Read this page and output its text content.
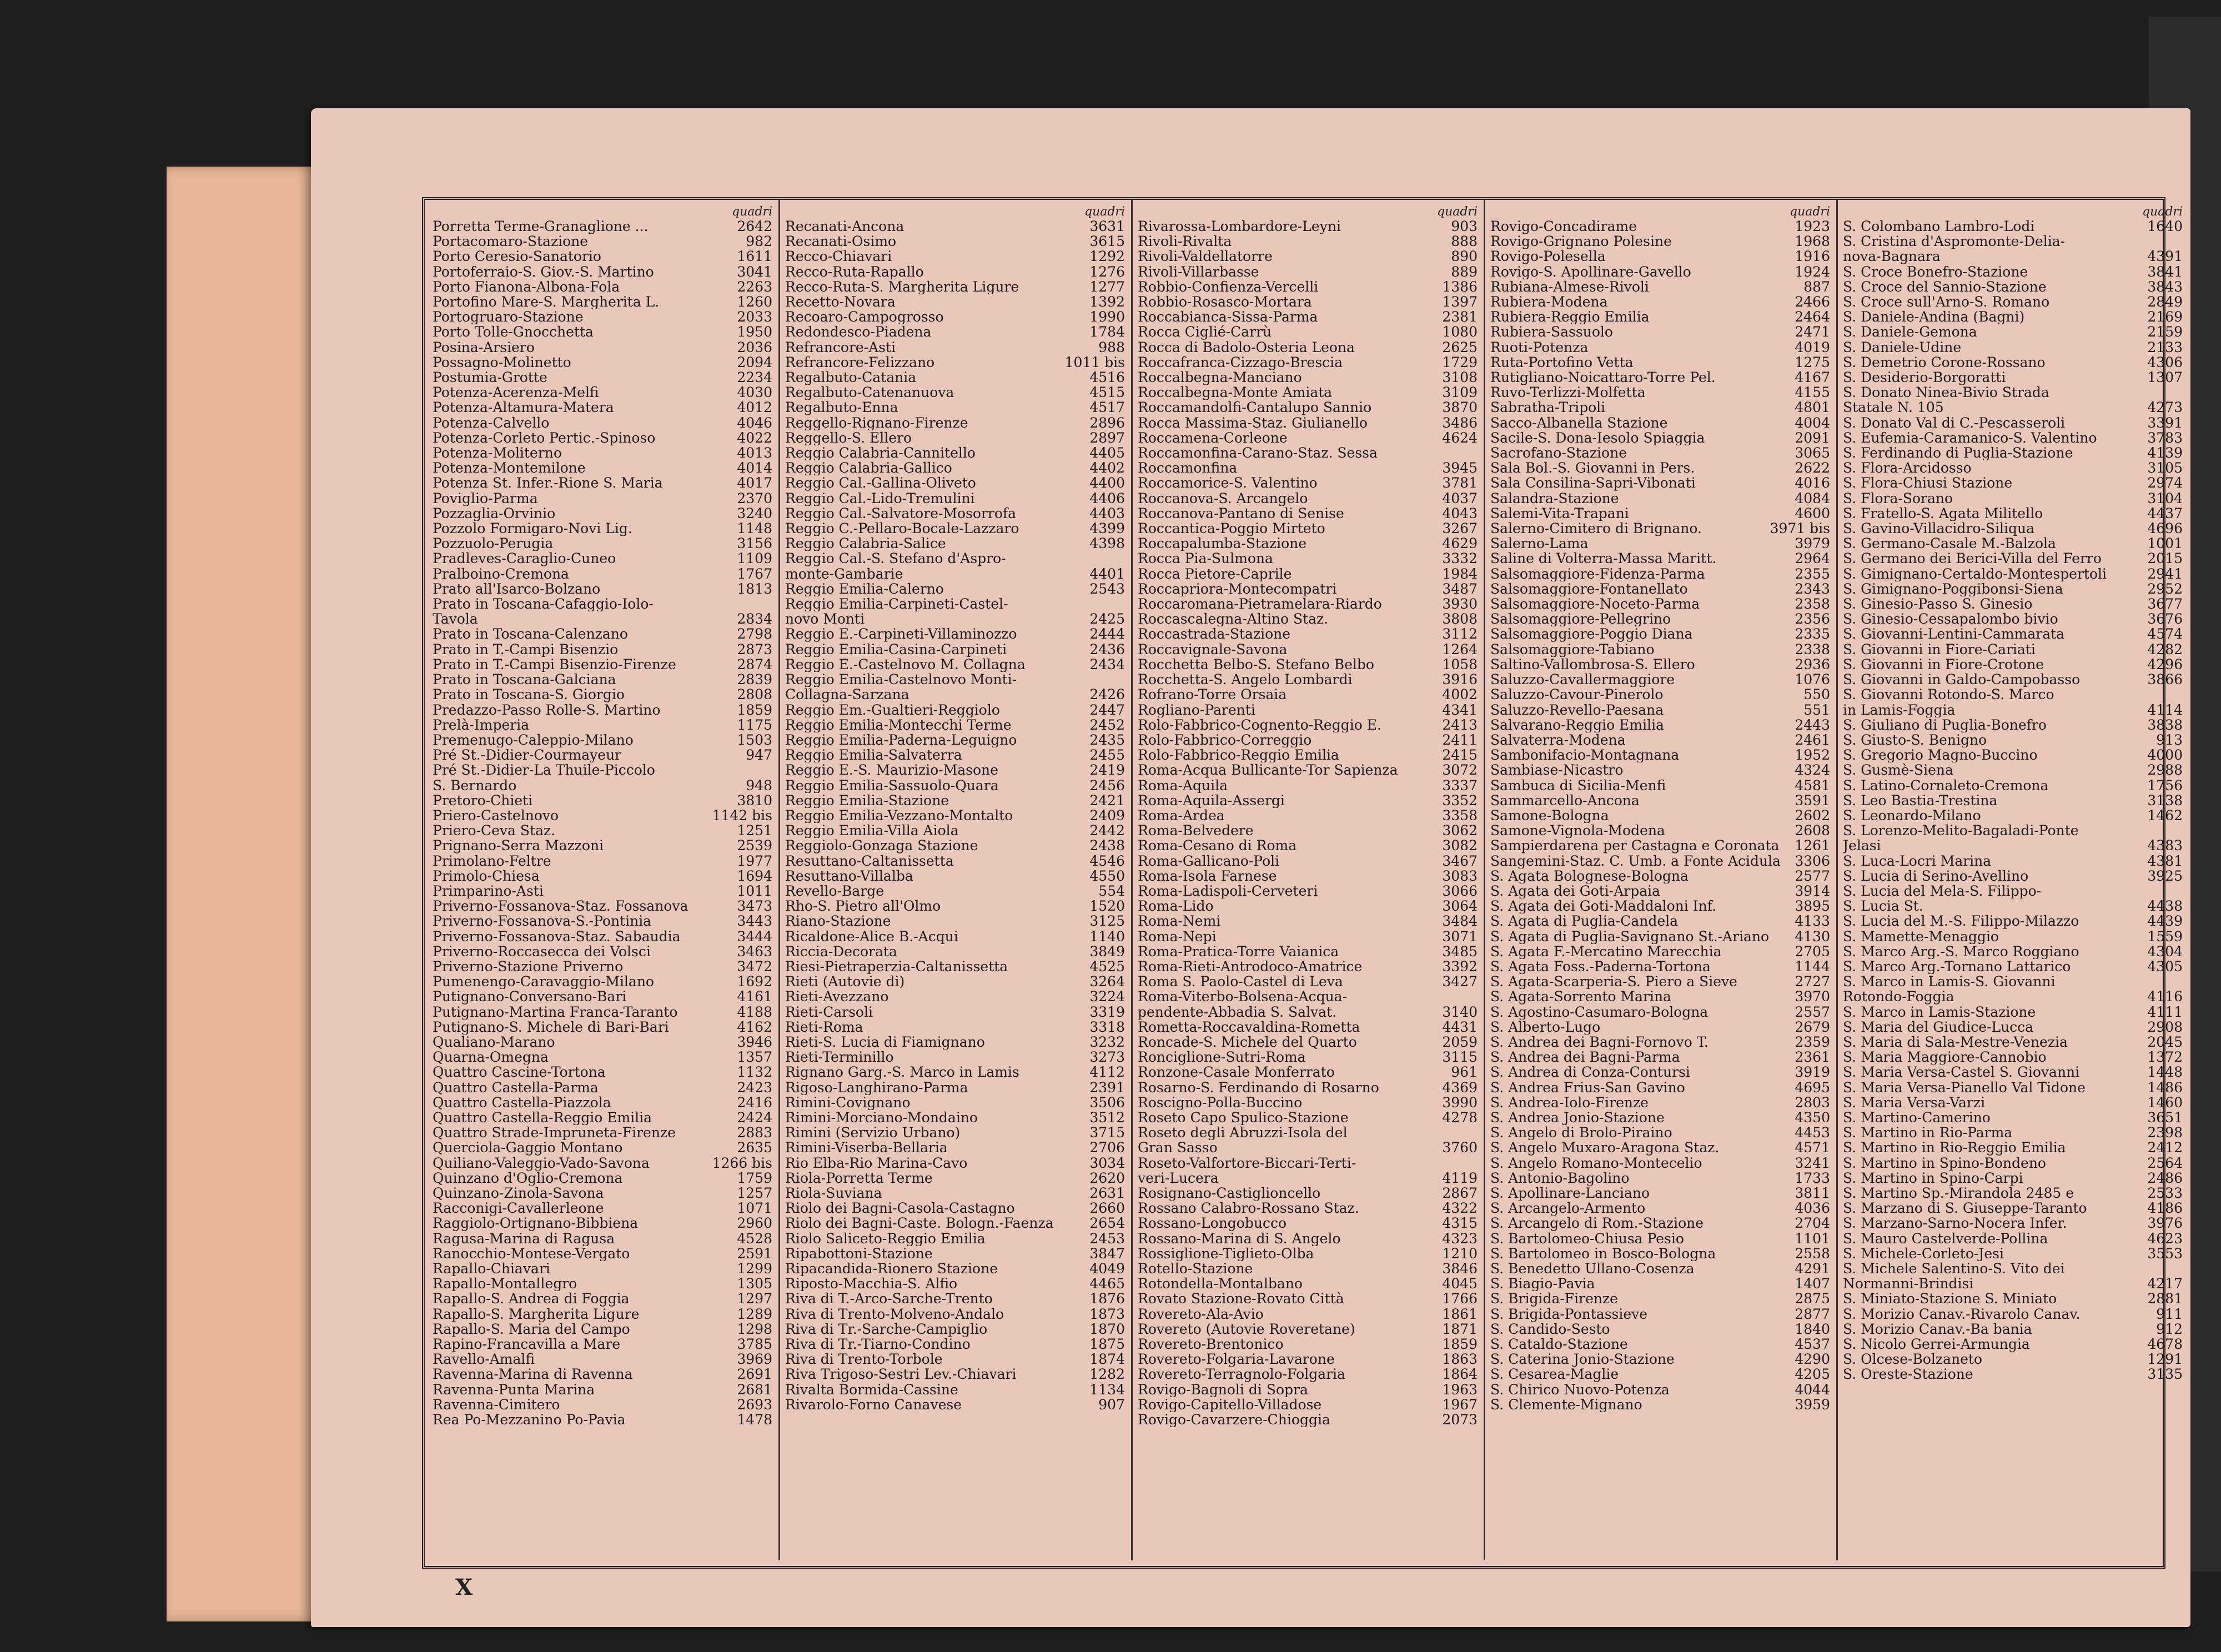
quadri
Porretta Terme-Granaglione ...	2642
Portacomaro-Stazione	982
Porto Ceresio-Sanatorio	1611
Portoferraio-S. Giov.-S. Martino	3041
Porto Fianona-Albona-Fola	2263
Portofino Mare-S. Margherita L.	1260
Portogruaro-Stazione	2033
Porto Tolle-Gnocchetta	1950
Posina-Arsiero	2036
Possagno-Molinetto	2094
Postumia-Grotte	2234
Potenza-Acerenza-Melfi	4030
Potenza-Altamura-Matera	4012
Potenza-Calvello	4046
Potenza-Corleto Pertic.-Spinoso	4022
Potenza-Moliterno	4013
Potenza-Montemilone	4014
Potenza St. Infer.-Rione S. Maria	4017
Poviglio-Parma	2370
Pozzaglia-Orvinio	3240
Pozzolo Formigaro-Novi Lig.	1148
Pozzuolo-Perugia	3156
Pradleves-Caraglio-Cuneo	1109
Pralboino-Cremona	1767
Prato all'Isarco-Bolzano	1813
Prato in Toscana-Cafaggio-Iolo-
Tavola	2834
Prato in Toscana-Calenzano	2798
Prato in T.-Campi Bisenzio	2873
Prato in T.-Campi Bisenzio-Firenze	2874
Prato in Toscana-Galciana	2839
Prato in Toscana-S. Giorgio	2808
Predazzo-Passo Rolle-S. Martino	1859
Prelà-Imperia	1175
Premenugo-Caleppio-Milano	1503
Pré St.-Didier-Courmayeur	947
Pré St.-Didier-La Thuile-Piccolo
S. Bernardo	948
Pretoro-Chieti	3810
Priero-Castelnovo	1142 bis
Priero-Ceva Staz.	1251
Prignano-Serra Mazzoni	2539
Primolano-Feltre	1977
Primolo-Chiesa	1694
Primparino-Asti	1011
Priverno-Fossanova-Staz. Fossanova	3473
Priverno-Fossanova-S.-Pontinia	3443
Priverno-Fossanova-Staz. Sabaudia	3444
Priverno-Roccasecca dei Volsci	3463
Priverno-Stazione Priverno	3472
Pumenengo-Caravaggio-Milano	1692
Putignano-Conversano-Bari	4161
Putignano-Martina Franca-Taranto	4188
Putignano-S. Michele di Bari-Bari	4162
Qualiano-Marano	3946
Quarna-Omegna	1357
Quattro Cascine-Tortona	1132
Quattro Castella-Parma	2423
Quattro Castella-Piazzola	2416
Quattro Castella-Reggio Emilia	2424
Quattro Strade-Impruneta-Firenze	2883
Querciola-Gaggio Montano	2635
Quiliano-Valeggio-Vado-Savona	1266 bis
Quinzano d'Oglio-Cremona	1759
Quinzano-Zinola-Savona	1257
Racconigi-Cavallerleone	1071
Raggiolo-Ortignano-Bibbiena	2960
Ragusa-Marina di Ragusa	4528
Ranocchio-Montese-Vergato	2591
Rapallo-Chiavari	1299
Rapallo-Montallegro	1305
Rapallo-S. Andrea di Foggia	1297
Rapallo-S. Margherita Ligure	1289
Rapallo-S. Maria del Campo	1298
Rapino-Francavilla a Mare	3785
Ravello-Amalfi	3969
Ravenna-Marina di Ravenna	2691
Ravenna-Punta Marina	2681
Ravenna-Cimitero	2693
Rea Po-Mezzanino Po-Pavia	1478
quadri
Recanati-Ancona	3631
Recanati-Osimo	3615
Recco-Chiavari	1292
Recco-Ruta-Rapallo	1276
Recco-Ruta-S. Margherita Ligure	1277
Recetto-Novara	1392
Recoaro-Campogrosso	1990
Redondesco-Piadena	1784
Refrancore-Asti	988
Refrancore-Felizzano	1011 bis
Regalbuto-Catania	4516
Regalbuto-Catenanuova	4515
Regalbuto-Enna	4517
Reggello-Rignano-Firenze	2896
Reggello-S. Ellero	2897
Reggio Calabria-Cannitello	4405
Reggio Calabria-Gallico	4402
Reggio Cal.-Gallina-Oliveto	4400
Reggio Cal.-Lido-Tremulini	4406
Reggio Cal.-Salvatore-Mosorrofa	4403
Reggio C.-Pellaro-Bocale-Lazzaro	4399
Reggio Calabria-Salice	4398
Reggio Cal.-S. Stefano d'Aspro-
monte-Gambarie	4401
Reggio Emilia-Calerno	2543
Reggio Emilia-Carpineti-Castel-
novo Monti	2425
Reggio E.-Carpineti-Villaminozzo	2444
Reggio Emilia-Casina-Carpineti	2436
Reggio E.-Castelnovo M. Collagna	2434
Reggio Emilia-Castelnovo Monti-
Collagna-Sarzana	2426
Reggio Em.-Gualtieri-Reggiolo	2447
Reggio Emilia-Montecchi Terme	2452
Reggio Emilia-Paderna-Leguigno	2435
Reggio Emilia-Salvaterra	2455
Reggio E.-S. Maurizio-Masone	2419
Reggio Emilia-Sassuolo-Quara	2456
Reggio Emilia-Stazione	2421
Reggio Emilia-Vezzano-Montalto	2409
Reggio Emilia-Villa Aiola	2442
Reggiolo-Gonzaga Stazione	2438
Resuttano-Caltanissetta	4546
Resuttano-Villalba	4550
Revello-Barge	554
Rho-S. Pietro all'Olmo	1520
Riano-Stazione	3125
Ricaldone-Alice B.-Acqui	1140
Riccia-Decorata	3849
Riesi-Pietraperzia-Caltanissetta	4525
Rieti (Autovie di)	3264
Rieti-Avezzano	3224
Rieti-Carsoli	3319
Rieti-Roma	3318
Rieti-S. Lucia di Fiamignano	3232
Rieti-Terminillo	3273
Rignano Garg.-S. Marco in Lamis	4112
Rigoso-Langhirano-Parma	2391
Rimini-Covignano	3506
Rimini-Morciano-Mondaino	3512
Rimini (Servizio Urbano)	3715
Rimini-Viserba-Bellaria	2706
Rio Elba-Rio Marina-Cavo	3034
Riola-Porretta Terme	2620
Riola-Suviana	2631
Riolo dei Bagni-Casola-Castagno	2660
Riolo dei Bagni-Caste. Bologn.-Faenza	2654
Riolo Saliceto-Reggio Emilia	2453
Ripabottoni-Stazione	3847
Ripacandida-Rionero Stazione	4049
Riposto-Macchia-S. Alfio	4465
Riva di T.-Arco-Sarche-Trento	1876
Riva di Trento-Molveno-Andalo	1873
Riva di Tr.-Sarche-Campiglio	1870
Riva di Tr.-Tiarno-Condino	1875
Riva di Trento-Torbole	1874
Riva Trigoso-Sestri Lev.-Chiavari	1282
Rivalta Bormida-Cassine	1134
Rivarolo-Forno Canavese	907
quadri
Rivarossa-Lombardore-Leyni	903
Rivoli-Rivalta	888
Rivoli-Valdellatorre	890
Rivoli-Villarbasse	889
Robbio-Confienza-Vercelli	1386
Robbio-Rosasco-Mortara	1397
Roccabianca-Sissa-Parma	2381
Rocca Ciglié-Carrù	1080
Rocca di Badolo-Osteria Leona	2625
Roccafranca-Cizzago-Brescia	1729
Roccalbegna-Manciano	3108
Roccalbegna-Monte Amiata	3109
Roccamandolfi-Cantalupo Sannio	3870
Rocca Massima-Staz. Giulianello	3486
Roccamena-Corleone	4624
Roccamonfina-Carano-Staz. Sessa
Roccamonfina	3945
Roccamorice-S. Valentino	3781
Roccanova-S. Arcangelo	4037
Roccanova-Pantano di Senise	4043
Roccantica-Poggio Mirteto	3267
Roccapalumba-Stazione	4629
Rocca Pia-Sulmona	3332
Rocca Pietore-Caprile	1984
Roccapriora-Montecompatri	3487
Roccaromana-Pietramelara-Riardo	3930
Roccascalegna-Altino Staz.	3808
Roccastrada-Stazione	3112
Roccavignale-Savona	1264
Rocchetta Belbo-S. Stefano Belbo	1058
Rocchetta-S. Angelo Lombardi	3916
Rofrano-Torre Orsaia	4002
Rogliano-Parenti	4341
Rolo-Fabbrico-Cognento-Reggio E.	2413
Rolo-Fabbrico-Correggio	2411
Rolo-Fabbrico-Reggio Emilia	2415
Roma-Acqua Bullicante-Tor Sapienza	3072
Roma-Aquila	3337
Roma-Aquila-Assergi	3352
Roma-Ardea	3358
Roma-Belvedere	3062
Roma-Cesano di Roma	3082
Roma-Gallicano-Poli	3467
Roma-Isola Farnese	3083
Roma-Ladispoli-Cerveteri	3066
Roma-Lido	3064
Roma-Nemi	3484
Roma-Nepi	3071
Roma-Pratica-Torre Vaianica	3485
Roma-Rieti-Antrodoco-Amatrice	3392
Roma S. Paolo-Castel di Leva	3427
Roma-Viterbo-Bolsena-Acqua-
pendente-Abbadia S. Salvat.	3140
Rometta-Roccavaldina-Rometta	4431
Roncade-S. Michele del Quarto	2059
Ronciglione-Sutri-Roma	3115
Ronzone-Casale Monferrato	961
Rosarno-S. Ferdinando di Rosarno	4369
Roscigno-Polla-Buccino	3990
Roseto Capo Spulico-Stazione	4278
Roseto degli Abruzzi-Isola del
Gran Sasso	3760
Roseto-Valfortore-Biccari-Terti-
veri-Lucera	4119
Rosignano-Castiglioncello	2867
Rossano Calabro-Rossano Staz.	4322
Rossano-Longobucco	4315
Rossano-Marina di S. Angelo	4323
Rossiglione-Tiglieto-Olba	1210
Rotello-Stazione	3846
Rotondella-Montalbano	4045
Rovato Stazione-Rovato Città	1766
Rovereto-Ala-Avio	1861
Rovereto (Autovie Roveretane)	1871
Rovereto-Brentonico	1859
Rovereto-Folgaria-Lavarone	1863
Rovereto-Terragnolo-Folgaria	1864
Rovigo-Bagnoli di Sopra	1963
Rovigo-Capitello-Villadose	1967
Rovigo-Cavarzere-Chioggia	2073
quadri
Rovigo-Concadirame	1923
Rovigo-Grignano Polesine	1968
Rovigo-Polesella	1916
Rovigo-S. Apollinare-Gavello	1924
Rubiana-Almese-Rivoli	887
Rubiera-Modena	2466
Rubiera-Reggio Emilia	2464
Rubiera-Sassuolo	2471
Ruoti-Potenza	4019
Ruta-Portofino Vetta	1275
Rutigliano-Noicattaro-Torre Pel.	4167
Ruvo-Terlizzi-Molfetta	4155
Sabratha-Tripoli	4801
Sacco-Albanella Stazione	4004
Sacile-S. Dona-Iesolo Spiaggia	2091
Sacrofano-Stazione	3065
Sala Bol.-S. Giovanni in Pers.	2622
Sala Consilina-Sapri-Vibonati	4016
Salandra-Stazione	4084
Salemi-Vita-Trapani	4600
Salerno-Cimitero di Brignano.	3971 bis
Salerno-Lama	3979
Saline di Volterra-Massa Maritt.	2964
Salsomaggiore-Fidenza-Parma	2355
Salsomaggiore-Fontanellato	2343
Salsomaggiore-Noceto-Parma	2358
Salsomaggiore-Pellegrino	2356
Salsomaggiore-Poggio Diana	2335
Salsomaggiore-Tabiano	2338
Saltino-Vallombrosa-S. Ellero	2936
Saluzzo-Cavallermaggiore	1076
Saluzzo-Cavour-Pinerolo	550
Saluzzo-Revello-Paesana	551
Salvarano-Reggio Emilia	2443
Salvaterra-Modena	2461
Sambonifacio-Montagnana	1952
Sambiase-Nicastro	4324
Sambuca di Sicilia-Menfi	4581
Sammarcello-Ancona	3591
Samone-Bologna	2602
Samone-Vignola-Modena	2608
Sampierdarena per Castagna e Coronata 1261
Sangemini-Staz. C. Umb. a Fonte Acidula 3306
S. Agata Bolognese-Bologna	2577
S. Agata dei Goti-Arpaia	3914
S. Agata dei Goti-Maddaloni Inf.	3895
S. Agata di Puglia-Candela	4133
S. Agata di Puglia-Savignano St.-Ariano 4130
S. Agata F.-Mercatino Marecchia	2705
S. Agata Foss.-Paderna-Tortona	1144
S. Agata-Scarperia-S. Piero a Sieve	2727
S. Agata-Sorrento Marina	3970
S. Agostino-Casumaro-Bologna	2557
S. Alberto-Lugo	2679
S. Andrea dei Bagni-Fornovo T.	2359
S. Andrea dei Bagni-Parma	2361
S. Andrea di Conza-Contursi	3919
S. Andrea Frius-San Gavino	4695
S. Andrea-Iolo-Firenze	2803
S. Andrea Jonio-Stazione	4350
S. Angelo di Brolo-Piraino	4453
S. Angelo Muxaro-Aragona Staz.	4571
S. Angelo Romano-Montecelio	3241
S. Antonio-Bagolino	1733
S. Apollinare-Lanciano	3811
S. Arcangelo-Armento	4036
S. Arcangelo di Rom.-Stazione	2704
S. Bartolomeo-Chiusa Pesio	1101
S. Bartolomeo in Bosco-Bologna	2558
S. Benedetto Ullano-Cosenza	4291
S. Biagio-Pavia	1407
S. Brigida-Firenze	2875
S. Brigida-Pontassieve	2877
S. Candido-Sesto	1840
S. Cataldo-Stazione	4537
S. Caterina Jonio-Stazione	4290
S. Cesarea-Maglie	4205
S. Chirico Nuovo-Potenza	4044
S. Clemente-Mignano	3959
quadri
S. Colombano Lambro-Lodi	1640
S. Cristina d'Aspromonte-Delia-
nova-Bagnara	4391
S. Croce Bonefro-Stazione	3841
S. Croce del Sannio-Stazione	3843
S. Croce sull'Arno-S. Romano	2849
S. Daniele-Andina (Bagni)	2169
S. Daniele-Gemona	2159
S. Daniele-Udine	2133
S. Demetrio Corone-Rossano	4306
S. Desiderio-Borgoratti	1307
S. Donato Ninea-Bivio Strada
Statale N. 105	4273
S. Donato Val di C.-Pescasseroli	3391
S. Eufemia-Caramanico-S. Valentino	3783
S. Ferdinando di Puglia-Stazione	4139
S. Flora-Arcidosso	3105
S. Flora-Chiusi Stazione	2974
S. Flora-Sorano	3104
S. Fratello-S. Agata Militello	4437
S. Gavino-Villacidro-Siliqua	4696
S. Germano-Casale M.-Balzola	1001
S. Germano dei Berici-Villa del Ferro	2015
S. Gimignano-Certaldo-Montespertoli	2941
S. Gimignano-Poggibonsi-Siena	2952
S. Ginesio-Passo S. Ginesio	3677
S. Ginesio-Cessapalombo bivio	3676
S. Giovanni-Lentini-Cammarata	4574
S. Giovanni in Fiore-Cariati	4282
S. Giovanni in Fiore-Crotone	4296
S. Giovanni in Galdo-Campobasso	3866
S. Giovanni Rotondo-S. Marco
in Lamis-Foggia	4114
S. Giuliano di Puglia-Bonefro	3838
S. Giusto-S. Benigno	913
S. Gregorio Magno-Buccino	4000
S. Gusmè-Siena	2988
S. Latino-Cornaleto-Cremona	1756
S. Leo Bastia-Trestina	3138
S. Leonardo-Milano	1462
S. Lorenzo-Melito-Bagaladi-Ponte
Jelasi	4383
S. Luca-Locri Marina	4381
S. Lucia di Serino-Avellino	3925
S. Lucia del Mela-S. Filippo-
S. Lucia St.	4438
S. Lucia del M.-S. Filippo-Milazzo	4439
S. Mamette-Menaggio	1559
S. Marco Arg.-S. Marco Roggiano	4304
S. Marco Arg.-Tornano Lattarico	4305
S. Marco in Lamis-S. Giovanni
Rotondo-Foggia	4116
S. Marco in Lamis-Stazione	4111
S. Maria del Giudice-Lucca	2908
S. Maria di Sala-Mestre-Venezia	2045
S. Maria Maggiore-Cannobio	1372
S. Maria Versa-Castel S. Giovanni	1448
S. Maria Versa-Pianello Val Tidone	1486
S. Maria Versa-Varzi	1460
S. Martino-Camerino	3651
S. Martino in Rio-Parma	2398
S. Martino in Rio-Reggio Emilia	2412
S. Martino in Spino-Bondeno	2564
S. Martino in Spino-Carpi	2486
S. Martino Sp.-Mirandola 2485 e	2533
S. Marzano di S. Giuseppe-Taranto	4186
S. Marzano-Sarno-Nocera Infer.	3976
S. Mauro Castelverde-Pollina	4623
S. Michele-Corleto-Jesi	3553
S. Michele Salentino-S. Vito dei
Normanni-Brindisi	4217
S. Miniato-Stazione S. Miniato	2881
S. Morizio Canav.-Rivarolo Canav.	911
S. Morizio Canav.-Ba bania	912
S. Nicolo Gerrei-Armungia	4678
S. Olcese-Bolzaneto	1291
S. Oreste-Stazione	3135
X
